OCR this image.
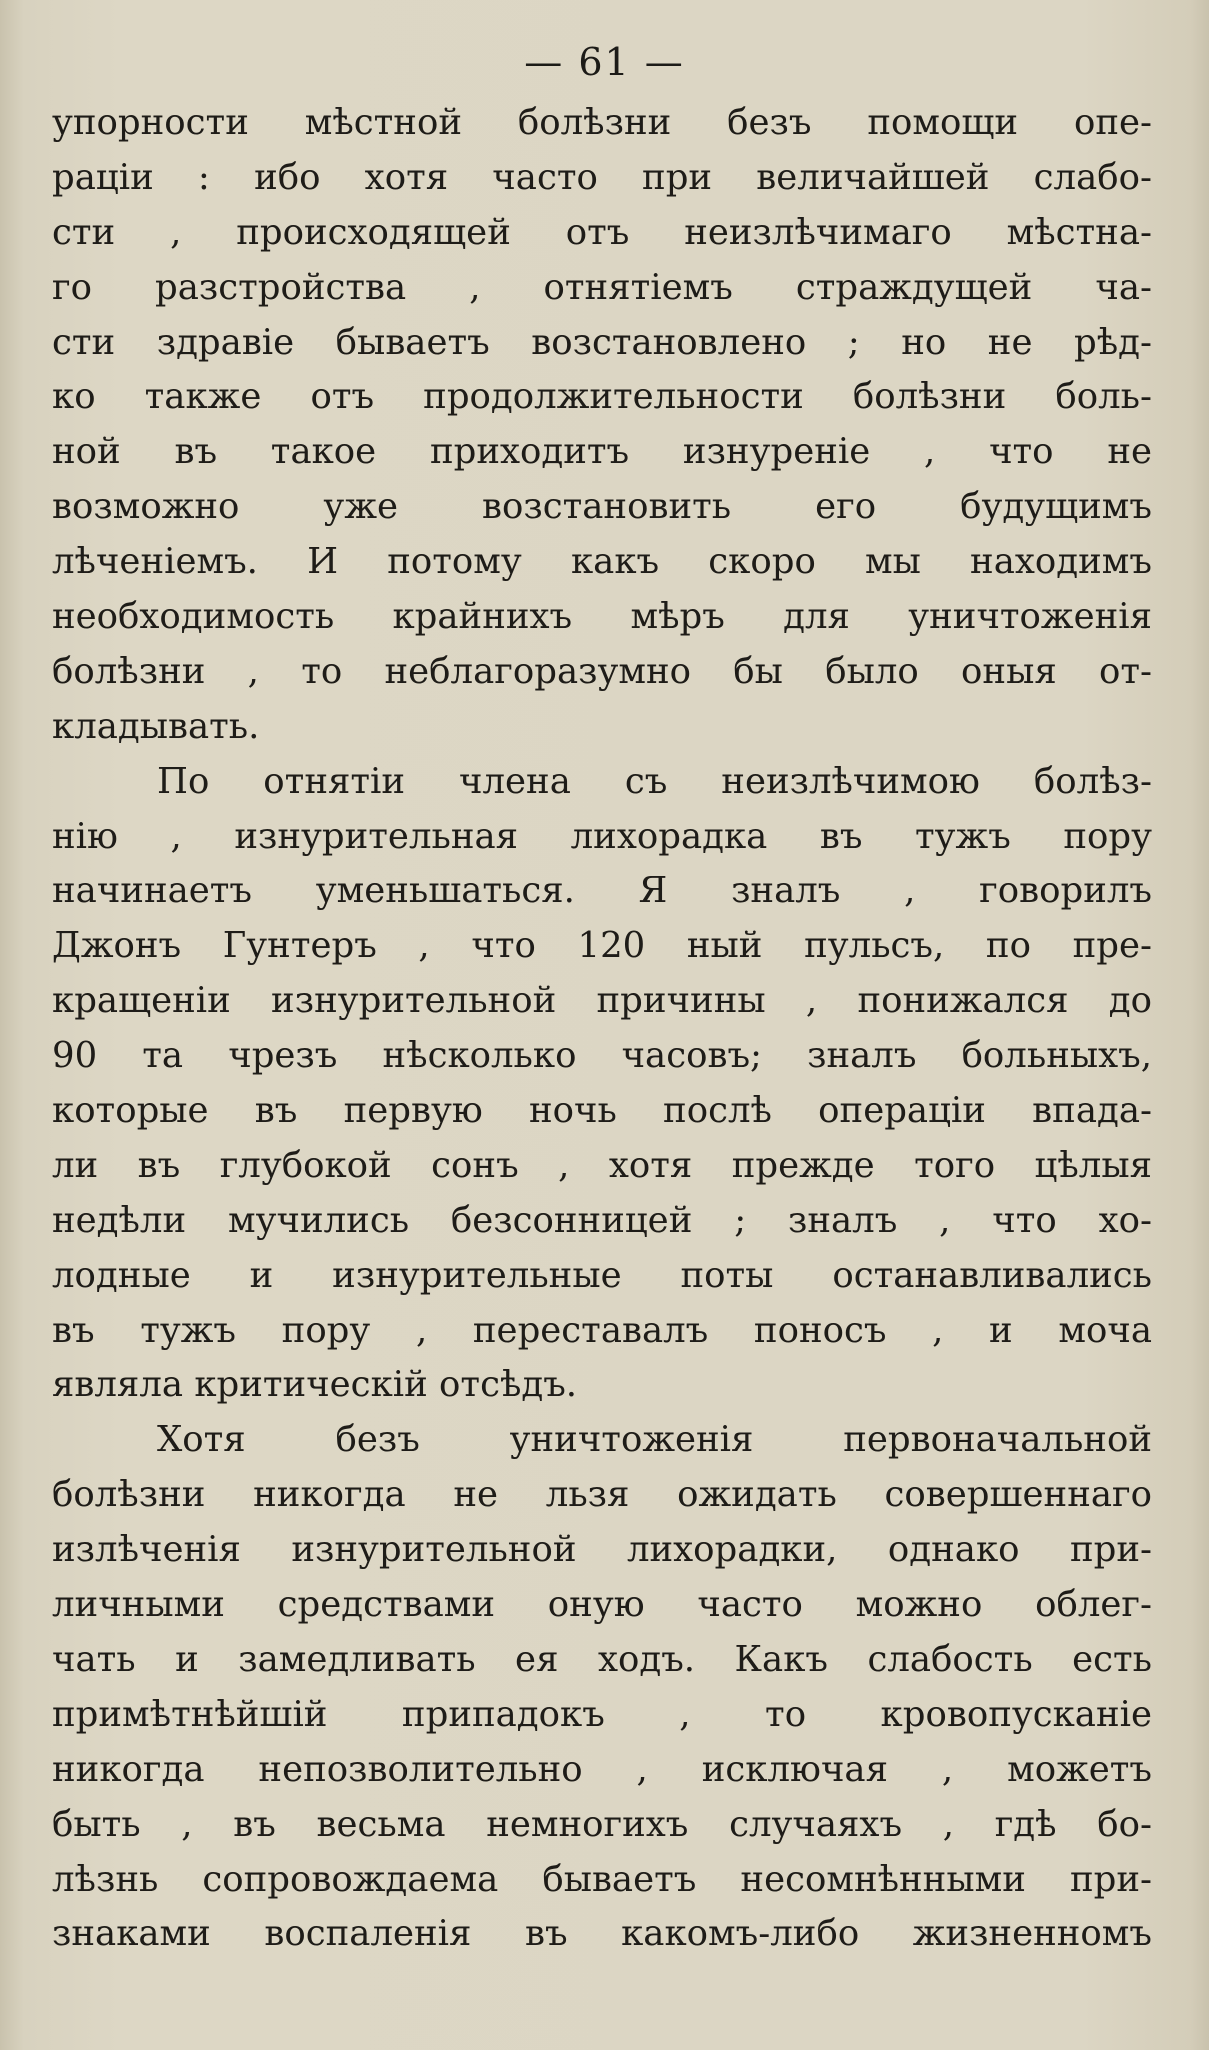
— 61 —
упорности мѣстной болѣзни безъ помощи опе-
раціи : ибо хотя часто при величайшей слабо-
сти , происходящей отъ неизлѣчимаго мѣстна-
го разстройства , отнятіемъ страждущей ча-
сти здравіе бываетъ возстановлено ; но не рѣд-
ко также отъ продолжительности болѣзни боль-
ной въ такое приходитъ изнуреніе , что не
возможно уже возстановить его будущимъ
лѣченіемъ. И потому какъ скоро мы находимъ
необходимость крайнихъ мѣръ для уничтоженія
болѣзни , то неблагоразумно бы было оныя от-
кладывать.
По отнятіи члена съ неизлѣчимою болѣз-
нію , изнурительная лихорадка въ тужъ пору
начинаетъ уменьшаться. Я зналъ , говорилъ
Джонъ Гунтеръ , что 120 ный пульсъ, по пре-
кращеніи изнурительной причины , понижался до
90 та чрезъ нѣсколько часовъ; зналъ больныхъ,
которые въ первую ночь послѣ операціи впада-
ли въ глубокой сонъ , хотя прежде того цѣлыя
недѣли мучились безсонницей ; зналъ , что хо-
лодные и изнурительные поты останавливались
въ тужъ пору , переставалъ поносъ , и моча
являла критическій отсѣдъ.
Хотя безъ уничтоженія первоначальной
болѣзни никогда не льзя ожидать совершеннаго
излѣченія изнурительной лихорадки, однако при-
личными средствами оную часто можно облег-
чать и замедливать ея ходъ. Какъ слабость есть
примѣтнѣйшій припадокъ , то кровопусканіе
никогда непозволительно , исключая , можетъ
быть , въ весьма немногихъ случаяхъ , гдѣ бо-
лѣзнь сопровождаема бываетъ несомнѣнными при-
знаками воспаленія въ какомъ-либо жизненномъ
